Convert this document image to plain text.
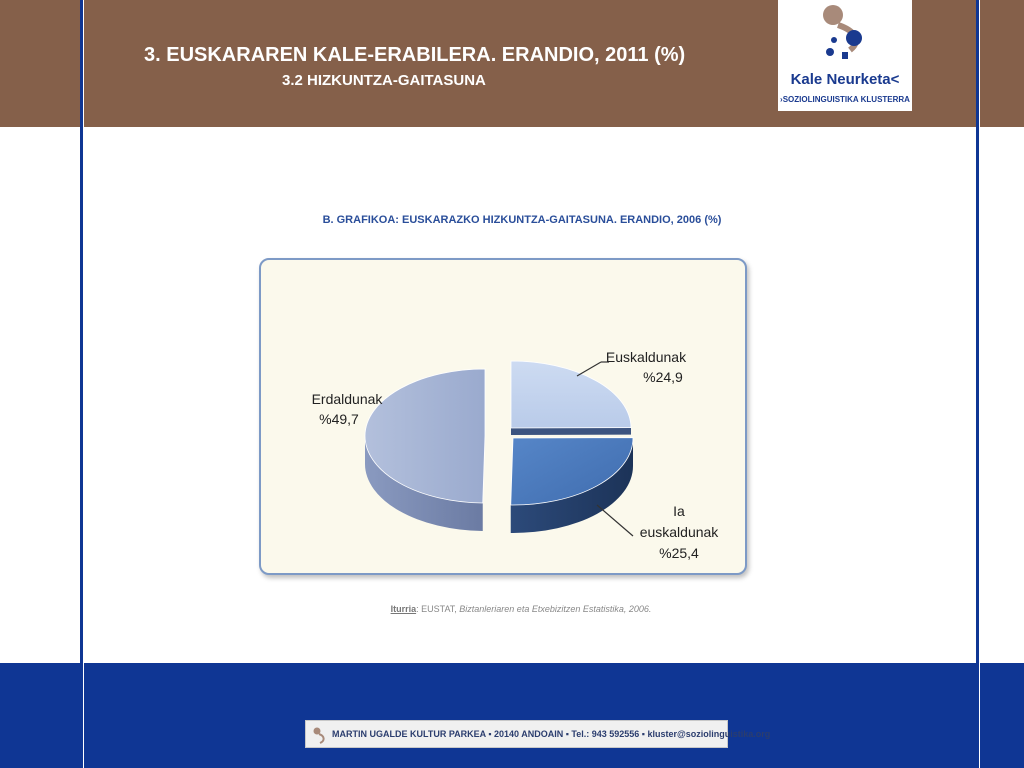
3. EUSKARAREN KALE-ERABILERA. ERANDIO, 2011 (%)
3.2 HIZKUNTZA-GAITASUNA	Kale Neurketa<
›SOZIOLINGUISTIKA KLUSTERRA
B. GRAFIKOA: EUSKARAZKO HIZKUNTZA-GAITASUNA. ERANDIO, 2006 (%)
Euskaldunak
%24,9
Ia
euskaldunak
%25,4
Erdaldunak
%49,7
Iturria: EUSTAT, Biztanleriaren eta Etxebizitzen Estatistika, 2006.
MARTIN UGALDE KULTUR PARKEA ▪ 20140 ANDOAIN ▪ Tel.: 943 592556 ▪ kluster@soziolinguistika.org
